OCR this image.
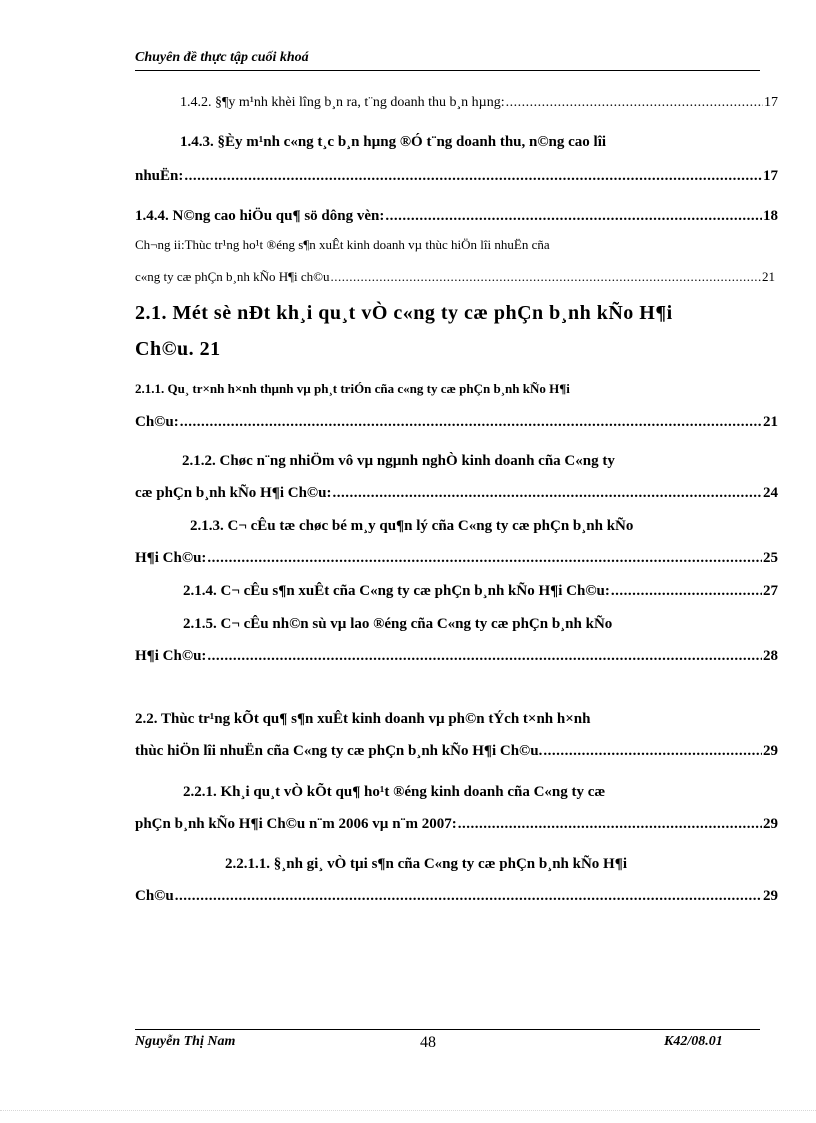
Chuyên đề thực tập cuối khoá
1.4.2. §¶y m¹nh khèi lîng b¸n ra, t¨ng doanh thu b¸n hµng: .....	17
1.4.3. §Èy m¹nh c«ng t¸c b¸n hµng ®Ó t¨ng doanh thu, n©ng cao lîi
nhuËn: .....	17
1.4.4. N©ng cao hiÖu qu¶ sö dông vèn: .....	18
Ch¬ng ii:Thùc tr¹ng ho¹t ®éng s¶n xuÊt kinh doanh vµ thùc hiÖn lîi nhuËn cña
c«ng ty cæ phÇn b¸nh kÑo H¶i ch©u .....	21
2.1. Mét sè nÐt kh¸i qu¸t vÒ c«ng ty cæ phÇn b¸nh kÑo H¶i
Ch©u. 21
2.1.1. Qu¸ tr×nh h×nh thµnh vµ ph¸t triÓn cña c«ng ty cæ phÇn b¸nh kÑo H¶i
Ch©u: .....	21
2.1.2. Chøc n¨ng nhiÖm vô vµ ngµnh nghÒ kinh doanh cña C«ng ty
cæ phÇn b¸nh kÑo H¶i Ch©u: .....	24
2.1.3. C¬ cÊu tæ chøc bé m¸y qu¶n lý cña C«ng ty cæ phÇn b¸nh kÑo
H¶i Ch©u: .....	25
2.1.4. C¬ cÊu s¶n xuÊt cña C«ng ty cæ phÇn b¸nh kÑo H¶i Ch©u: .....	27
2.1.5. C¬ cÊu nh©n sù vµ lao ®éng cña C«ng ty cæ phÇn b¸nh kÑo
H¶i Ch©u: .....	28
2.2. Thùc tr¹ng kÕt qu¶ s¶n xuÊt kinh doanh vµ ph©n tÝch t×nh h×nh
thùc hiÖn lîi nhuËn cña C«ng ty cæ phÇn b¸nh kÑo H¶i Ch©u. .....	29
2.2.1. Kh¸i qu¸t vÒ kÕt qu¶ ho¹t ®éng kinh doanh cña C«ng ty cæ
phÇn b¸nh kÑo H¶i Ch©u n¨m 2006 vµ n¨m 2007: .....	29
2.2.1.1. §¸nh gi¸ vÒ tµi s¶n cña C«ng ty cæ phÇn b¸nh kÑo H¶i
Ch©u .....	29
Nguyễn Thị Nam	48	K42/08.01
